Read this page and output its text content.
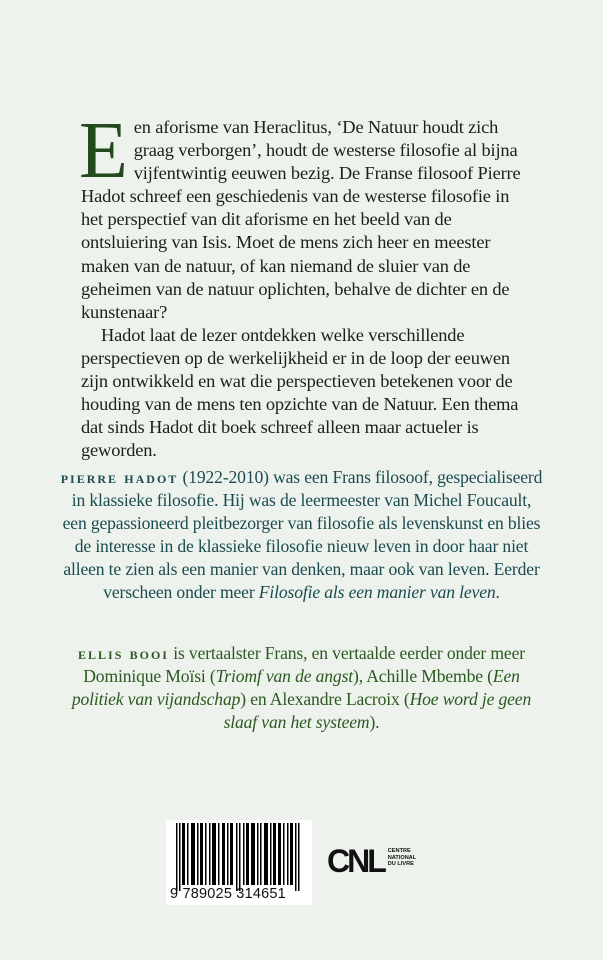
Een aforisme van Heraclitus, ‘De Natuur houdt zich graag verborgen’, houdt de westerse filosofie al bijna vijfentwintig eeuwen bezig. De Franse filosoof Pierre Hadot schreef een geschiedenis van de westerse filosofie in het perspectief van dit aforisme en het beeld van de ontsluiering van Isis. Moet de mens zich heer en meester maken van de natuur, of kan niemand de sluier van de geheimen van de natuur oplichten, behalve de dichter en de kunstenaar?

Hadot laat de lezer ontdekken welke verschillende perspectieven op de werkelijkheid er in de loop der eeuwen zijn ontwikkeld en wat die perspectieven betekenen voor de houding van de mens ten opzichte van de Natuur. Een thema dat sinds Hadot dit boek schreef alleen maar actueler is geworden.

pierre hadot (1922-2010) was een Frans filosoof, gespecialiseerd in klassieke filosofie. Hij was de leermeester van Michel Foucault, een gepassioneerd pleitbezorger van filosofie als levenskunst en blies de interesse in de klassieke filosofie nieuw leven in door haar niet alleen te zien als een manier van denken, maar ook van leven. Eerder verscheen onder meer Filosofie als een manier van leven.

ellis booi is vertaalster Frans, en vertaalde eerder onder meer Dominique Moïsi (Triomf van de angst), Achille Mbembe (Een politiek van vijandschap) en Alexandre Lacroix (Hoe word je geen slaaf van het systeem).

9 789025 314651
CNL CENTRE
NATIONAL
DU LIVRE
